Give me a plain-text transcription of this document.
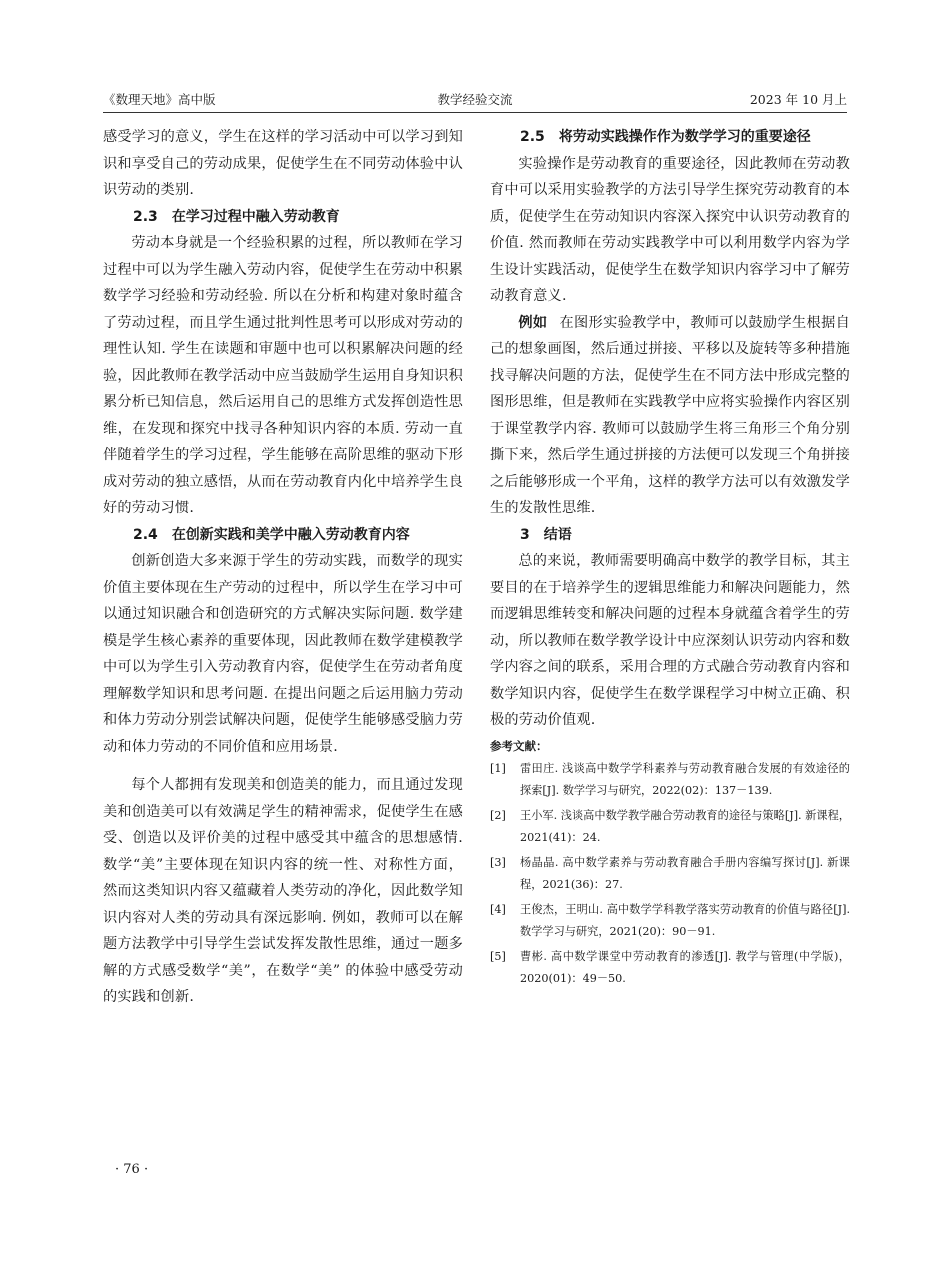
《数理天地》高中版	教学经验交流	2023 年 10 月上

感受学习的意义，学生在这样的学习活动中可以学习到知识和享受自己的劳动成果，促使学生在不同劳动体验中认识劳动的类别.

2.3 在学习过程中融入劳动教育

劳动本身就是一个经验积累的过程，所以教师在学习过程中可以为学生融入劳动内容，促使学生在劳动中积累数学学习经验和劳动经验. 所以在分析和构建对象时蕴含了劳动过程，而且学生通过批判性思考可以形成对劳动的理性认知. 学生在读题和审题中也可以积累解决问题的经验，因此教师在教学活动中应当鼓励学生运用自身知识积累分析已知信息，然后运用自己的思维方式发挥创造性思维，在发现和探究中找寻各种知识内容的本质. 劳动一直伴随着学生的学习过程，学生能够在高阶思维的驱动下形成对劳动的独立感悟，从而在劳动教育内化中培养学生良好的劳动习惯.

2.4 在创新实践和美学中融入劳动教育内容

创新创造大多来源于学生的劳动实践，而数学的现实价值主要体现在生产劳动的过程中，所以学生在学习中可以通过知识融合和创造研究的方式解决实际问题. 数学建模是学生核心素养的重要体现，因此教师在数学建模教学中可以为学生引入劳动教育内容，促使学生在劳动者角度理解数学知识和思考问题. 在提出问题之后运用脑力劳动和体力劳动分别尝试解决问题，促使学生能够感受脑力劳动和体力劳动的不同价值和应用场景.

每个人都拥有发现美和创造美的能力，而且通过发现美和创造美可以有效满足学生的精神需求，促使学生在感受、创造以及评价美的过程中感受其中蕴含的思想感情. 数学“美”主要体现在知识内容的统一性、对称性方面，然而这类知识内容又蕴藏着人类劳动的净化，因此数学知识内容对人类的劳动具有深远影响. 例如，教师可以在解题方法教学中引导学生尝试发挥发散性思维，通过一题多解的方式感受数学“美”，在数学“美” 的体验中感受劳动的实践和创新.

2.5 将劳动实践操作作为数学学习的重要途径

实验操作是劳动教育的重要途径，因此教师在劳动教育中可以采用实验教学的方法引导学生探究劳动教育的本质，促使学生在劳动知识内容深入探究中认识劳动教育的价值. 然而教师在劳动实践教学中可以利用数学内容为学生设计实践活动，促使学生在数学知识内容学习中了解劳动教育意义.

例如 在图形实验教学中，教师可以鼓励学生根据自己的想象画图，然后通过拼接、平移以及旋转等多种措施找寻解决问题的方法，促使学生在不同方法中形成完整的图形思维，但是教师在实践教学中应将实验操作内容区别于课堂教学内容. 教师可以鼓励学生将三角形三个角分别撕下来，然后学生通过拼接的方法便可以发现三个角拼接之后能够形成一个平角，这样的教学方法可以有效激发学生的发散性思维.

3 结语

总的来说，教师需要明确高中数学的教学目标，其主要目的在于培养学生的逻辑思维能力和解决问题能力，然而逻辑思维转变和解决问题的过程本身就蕴含着学生的劳动，所以教师在数学教学设计中应深刻认识劳动内容和数学内容之间的联系，采用合理的方式融合劳动教育内容和数学知识内容，促使学生在数学课程学习中树立正确、积极的劳动价值观.

参考文献：
[1]	雷田庄. 浅谈高中数学学科素养与劳动教育融合发展的有效途径的探索[J]. 数学学习与研究，2022(02)：137－139.
[2]	王小军. 浅谈高中数学教学融合劳动教育的途径与策略[J]. 新课程，2021(41)：24.
[3]	杨晶晶. 高中数学素养与劳动教育融合手册内容编写探讨[J]. 新课程，2021(36)：27.
[4]	王俊杰，王明山. 高中数学学科教学落实劳动教育的价值与路径[J]. 数学学习与研究，2021(20)：90－91.
[5]	曹彬. 高中数学课堂中劳动教育的渗透[J]. 教学与管理(中学版)，2020(01)：49－50.
· 76 ·
